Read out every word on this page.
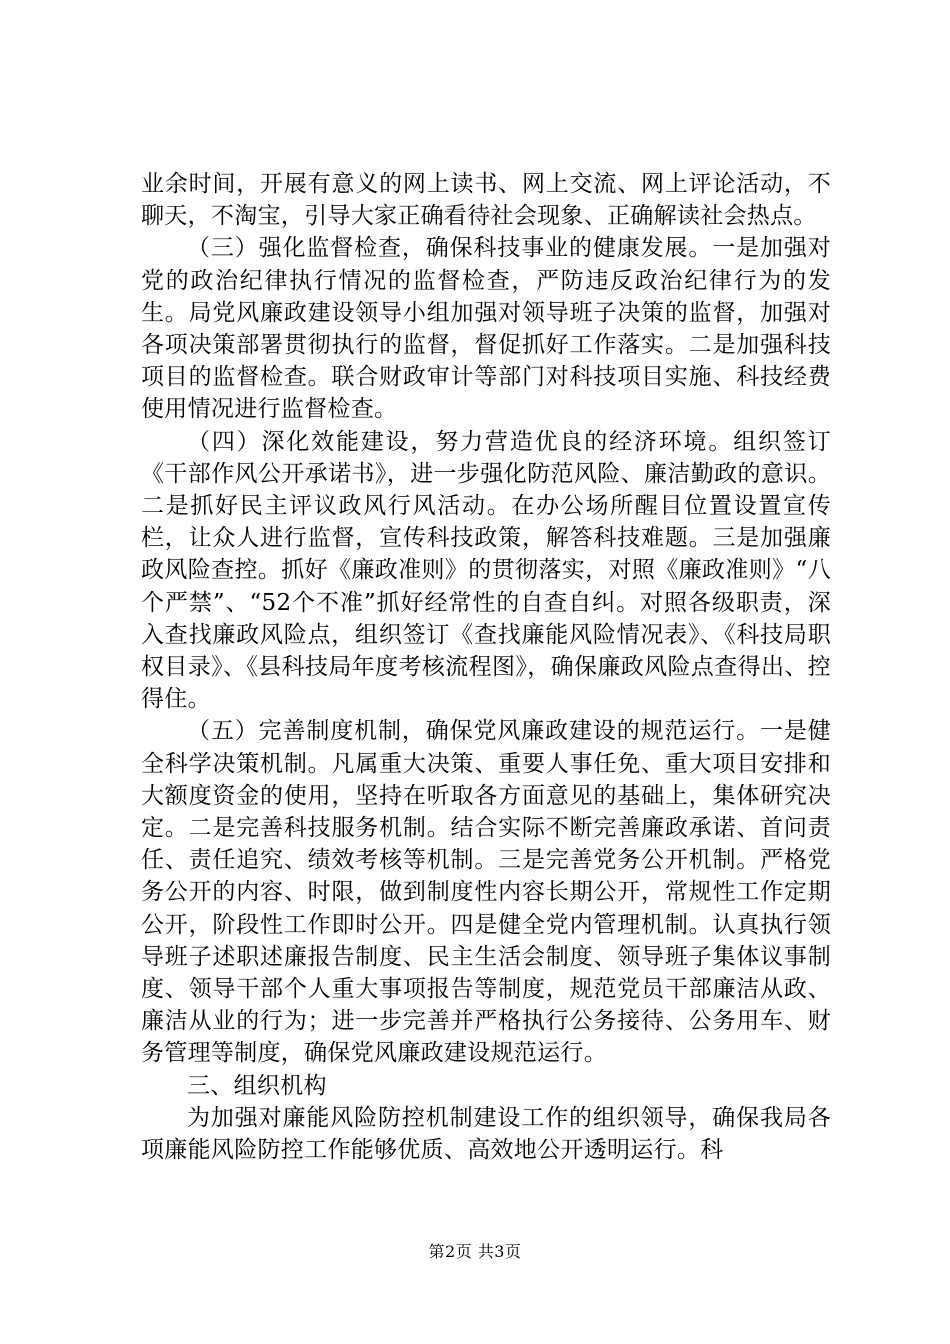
业余时间，开展有意义的网上读书、网上交流、网上评论活动，不聊天，不淘宝，引导大家正确看待社会现象、正确解读社会热点。

（三）强化监督检查，确保科技事业的健康发展。一是加强对党的政治纪律执行情况的监督检查，严防违反政治纪律行为的发生。局党风廉政建设领导小组加强对领导班子决策的监督，加强对各项决策部署贯彻执行的监督，督促抓好工作落实。二是加强科技项目的监督检查。联合财政审计等部门对科技项目实施、科技经费使用情况进行监督检查。

（四）深化效能建设，努力营造优良的经济环境。组织签订《干部作风公开承诺书》，进一步强化防范风险、廉洁勤政的意识。二是抓好民主评议政风行风活动。在办公场所醒目位置设置宣传栏，让众人进行监督，宣传科技政策，解答科技难题。三是加强廉政风险查控。抓好《廉政准则》的贯彻落实，对照《廉政准则》“八个严禁”、“52个不准”抓好经常性的自查自纠。对照各级职责，深入查找廉政风险点，组织签订《查找廉能风险情况表》、《科技局职权目录》、《县科技局年度考核流程图》，确保廉政风险点查得出、控得住。

（五）完善制度机制，确保党风廉政建设的规范运行。一是健全科学决策机制。凡属重大决策、重要人事任免、重大项目安排和大额度资金的使用，坚持在听取各方面意见的基础上，集体研究决定。二是完善科技服务机制。结合实际不断完善廉政承诺、首问责任、责任追究、绩效考核等机制。三是完善党务公开机制。严格党务公开的内容、时限，做到制度性内容长期公开，常规性工作定期公开，阶段性工作即时公开。四是健全党内管理机制。认真执行领导班子述职述廉报告制度、民主生活会制度、领导班子集体议事制度、领导干部个人重大事项报告等制度，规范党员干部廉洁从政、廉洁从业的行为；进一步完善并严格执行公务接待、公务用车、财务管理等制度，确保党风廉政建设规范运行。

三、组织机构

为加强对廉能风险防控机制建设工作的组织领导，确保我局各项廉能风险防控工作能够优质、高效地公开透明运行。科

第2页 共3页
